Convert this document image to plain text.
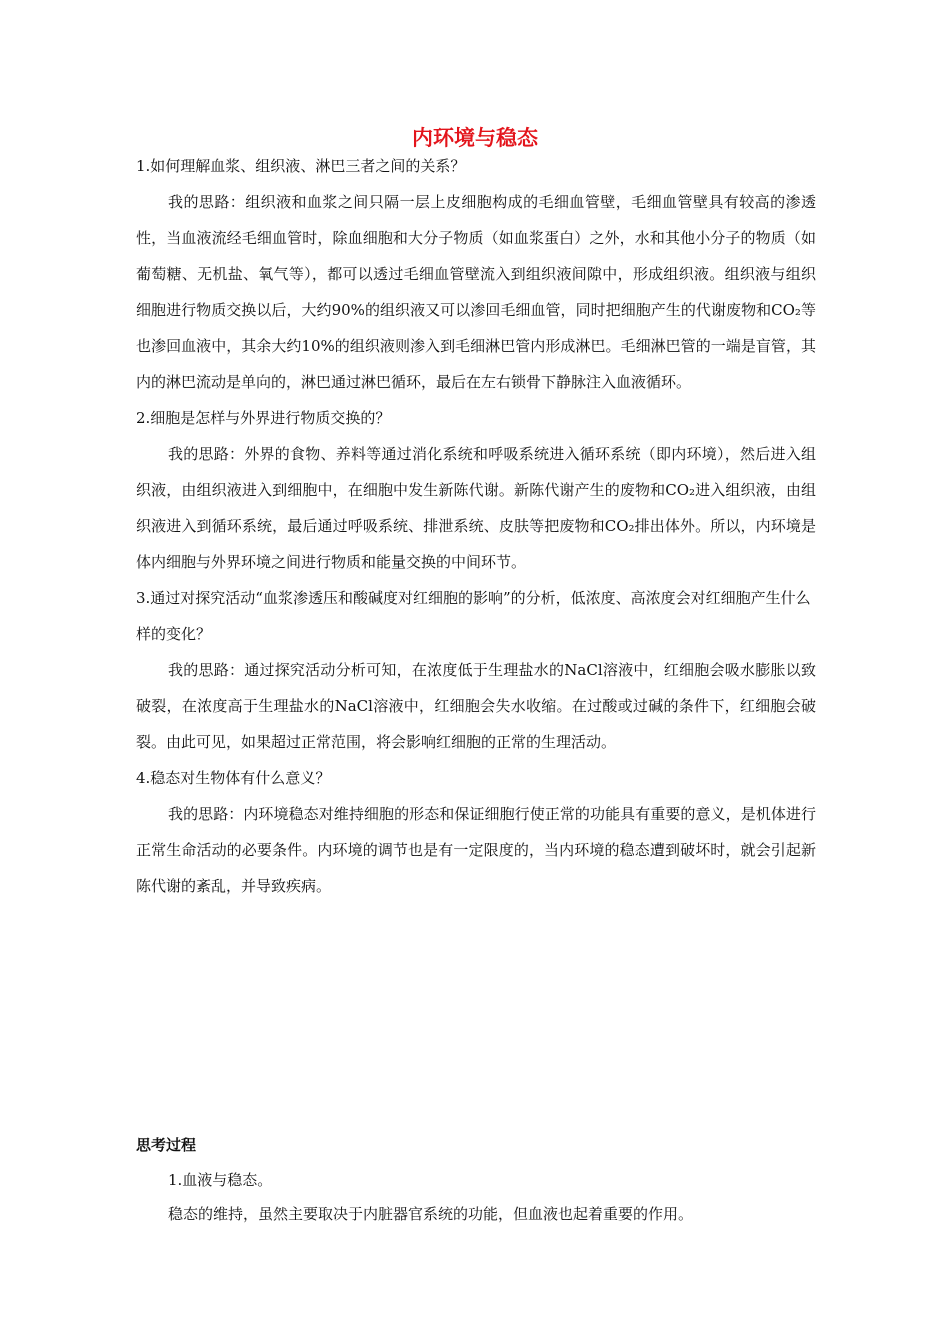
内环境与稳态

1.如何理解血浆、组织液、淋巴三者之间的关系？

我的思路：组织液和血浆之间只隔一层上皮细胞构成的毛细血管壁，毛细血管壁具有较高的渗透性，当血液流经毛细血管时，除血细胞和大分子物质（如血浆蛋白）之外，水和其他小分子的物质（如葡萄糖、无机盐、氧气等），都可以透过毛细血管壁流入到组织液间隙中，形成组织液。组织液与组织细胞进行物质交换以后，大约90%的组织液又可以渗回毛细血管，同时把细胞产生的代谢废物和CO₂等也渗回血液中，其余大约10%的组织液则渗入到毛细淋巴管内形成淋巴。毛细淋巴管的一端是盲管，其内的淋巴流动是单向的，淋巴通过淋巴循环，最后在左右锁骨下静脉注入血液循环。

2.细胞是怎样与外界进行物质交换的？

我的思路：外界的食物、养料等通过消化系统和呼吸系统进入循环系统（即内环境），然后进入组织液，由组织液进入到细胞中，在细胞中发生新陈代谢。新陈代谢产生的废物和CO₂进入组织液，由组织液进入到循环系统，最后通过呼吸系统、排泄系统、皮肤等把废物和CO₂排出体外。所以，内环境是体内细胞与外界环境之间进行物质和能量交换的中间环节。

3.通过对探究活动“血浆渗透压和酸碱度对红细胞的影响”的分析，低浓度、高浓度会对红细胞产生什么样的变化？

我的思路：通过探究活动分析可知，在浓度低于生理盐水的NaCl溶液中，红细胞会吸水膨胀以致破裂，在浓度高于生理盐水的NaCl溶液中，红细胞会失水收缩。在过酸或过碱的条件下，红细胞会破裂。由此可见，如果超过正常范围，将会影响红细胞的正常的生理活动。

4.稳态对生物体有什么意义？

我的思路：内环境稳态对维持细胞的形态和保证细胞行使正常的功能具有重要的意义，是机体进行正常生命活动的必要条件。内环境的调节也是有一定限度的，当内环境的稳态遭到破坏时，就会引起新陈代谢的紊乱，并导致疾病。

思考过程

1.血液与稳态。

稳态的维持，虽然主要取决于内脏器官系统的功能，但血液也起着重要的作用。
